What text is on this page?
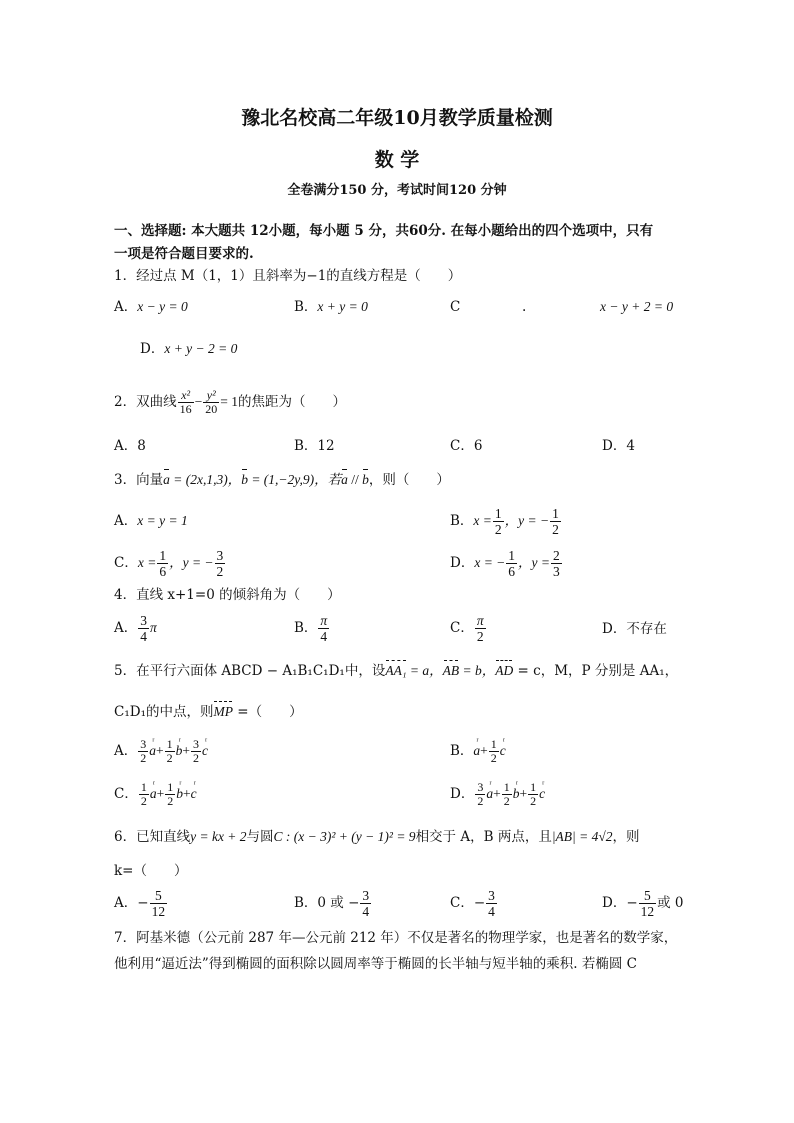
豫北名校高二年级10月教学质量检测
数 学
全卷满分150 分，考试时间120 分钟
一、选择题: 本大题共 12小题，每小题 5 分，共60分. 在每小题给出的四个选项中，只有
一项是符合题目要求的.
1．经过点 M（1，1）且斜率为−1的直线方程是（　　）
A．x − y = 0	B．x + y = 0	C	.	x − y + 2 = 0
D．x + y − 2 = 0
2．双曲线 $\frac{\text{x²}}{16} - \frac{\text{y²}}{20} = 1$的焦距为（　　）
A．8	B．12	C．6	D．4
3．向量a = (2x,1,3)，b = (1,−2y,9)，若a // b，则（　　）
A．x = y = 1	B．$x = \frac{1}{2}$ ，y = − $\frac{1}{2}$
C．$x = \frac{1}{6}$ ，y = − $\frac{3}{2}$	D．x = − $\frac{1}{6}$ ，$y = \frac{2}{3}$
4．直线 x+1=0 的倾斜角为（　　）
A． $\frac{3}{4}$ π	B． $\frac{\pi}{4}$	C． $\frac{\pi}{2}$	D．不存在
5．在平行六面体 ABCD − A₁B₁C₁D₁中，设AA₁ = a，AB = b，AD = c，M，P 分别是 AA₁，
C₁D₁的中点，则MP =（　　）
A． $\frac{3}{2}$ ʳ $a+ \frac{1}{2}$ ʳ $b+ \frac{3}{2}$ ʳ c	B．ʳ $a+ \frac{1}{2}$ ʳ c
C． $\frac{1}{2}$ ʳ $a+ \frac{1}{2}$ ʳ b+ʳ c	D． $\frac{3}{2}$ ʳ $a+ \frac{1}{2}$ ʳ $b+ \frac{1}{2}$ ʳ c
6．已知直线y = kx + 2与圆C : (x − 3)² + (y − 1)² = 9相交于 A，B 两点，且|AB| = 4√2，则
k=（　　）
A．− $\frac{5}{12}$	B．0 或 − $\frac{3}{4}$	C．− $\frac{3}{4}$	D．− $\frac{5}{12}$ 或 0
7．阿基米德（公元前 287 年—公元前 212 年）不仅是著名的物理学家，也是著名的数学家，
他利用“逼近法”得到椭圆的面积除以圆周率等于椭圆的长半轴与短半轴的乘积. 若椭圆 C
